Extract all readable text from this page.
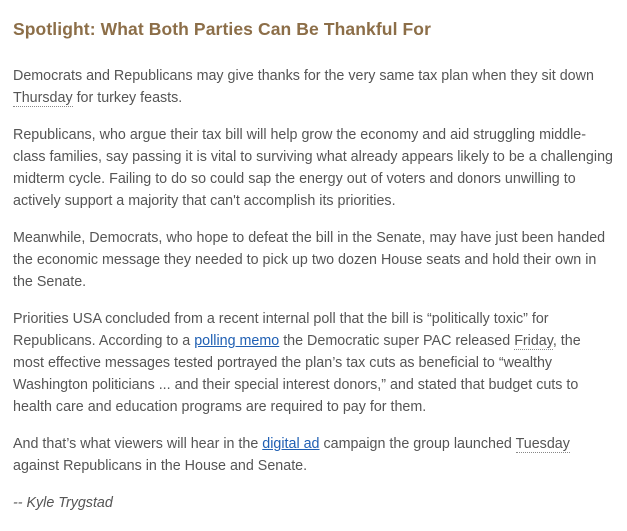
Spotlight: What Both Parties Can Be Thankful For

Democrats and Republicans may give thanks for the very same tax plan when they sit down
Thursday for turkey feasts.

Republicans, who argue their tax bill will help grow the economy and aid struggling middle-class families, say passing it is vital to surviving what already appears likely to be a challenging midterm cycle. Failing to do so could sap the energy out of voters and donors unwilling to actively support a majority that can't accomplish its priorities.

Meanwhile, Democrats, who hope to defeat the bill in the Senate, may have just been handed the economic message they needed to pick up two dozen House seats and hold their own in the Senate.

Priorities USA concluded from a recent internal poll that the bill is “politically toxic” for Republicans. According to a polling memo the Democratic super PAC released Friday, the most effective messages tested portrayed the plan’s tax cuts as beneficial to “wealthy Washington politicians ... and their special interest donors,” and stated that budget cuts to health care and education programs are required to pay for them.

And that’s what viewers will hear in the digital ad campaign the group launched Tuesday against Republicans in the House and Senate.

-- Kyle Trygstad
